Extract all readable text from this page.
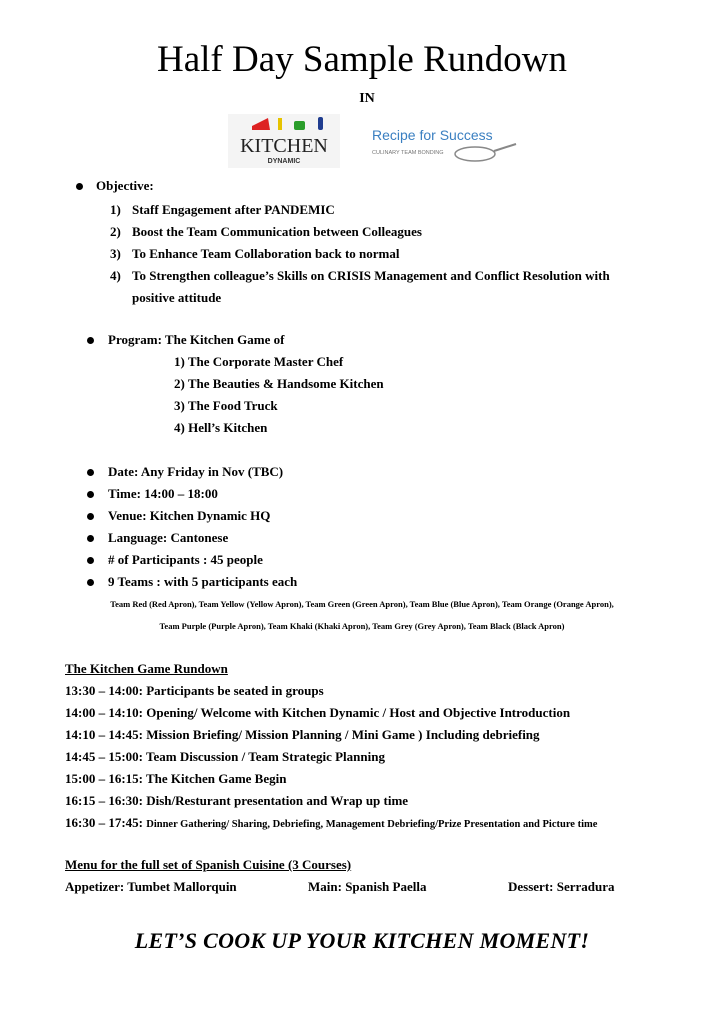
Half Day Sample Rundown
IN
KITCHEN
DYNAMIC
Recipe for Success
CULINARY TEAM BONDING
Objective:
1) Staff Engagement after PANDEMIC
2) Boost the Team Communication between Colleagues
3) To Enhance Team Collaboration back to normal
4) To Strengthen colleague’s Skills on CRISIS Management and Conflict Resolution with
positive attitude
Program: The Kitchen Game of
1) The Corporate Master Chef
2) The Beauties & Handsome Kitchen
3) The Food Truck
4) Hell’s Kitchen
Date: Any Friday in Nov (TBC)
Time: 14:00 – 18:00
Venue: Kitchen Dynamic HQ
Language: Cantonese
# of Participants : 45 people
9 Teams : with 5 participants each
Team Red (Red Apron), Team Yellow (Yellow Apron), Team Green (Green Apron), Team Blue (Blue Apron), Team Orange (Orange Apron),
Team Purple (Purple Apron), Team Khaki (Khaki Apron), Team Grey (Grey Apron), Team Black (Black Apron)
The Kitchen Game Rundown
13:30 – 14:00: Participants be seated in groups
14:00 – 14:10: Opening/ Welcome with Kitchen Dynamic / Host and Objective Introduction
14:10 – 14:45: Mission Briefing/ Mission Planning / Mini Game ) Including debriefing
14:45 – 15:00: Team Discussion / Team Strategic Planning
15:00 – 16:15: The Kitchen Game Begin
16:15 – 16:30: Dish/Resturant presentation and Wrap up time
16:30 – 17:45: Dinner Gathering/ Sharing, Debriefing, Management Debriefing/Prize Presentation and Picture time
Menu for the full set of Spanish Cuisine (3 Courses)
Appetizer: Tumbet Mallorquin	Main: Spanish Paella	Dessert: Serradura
LET’S COOK UP YOUR KITCHEN MOMENT!
